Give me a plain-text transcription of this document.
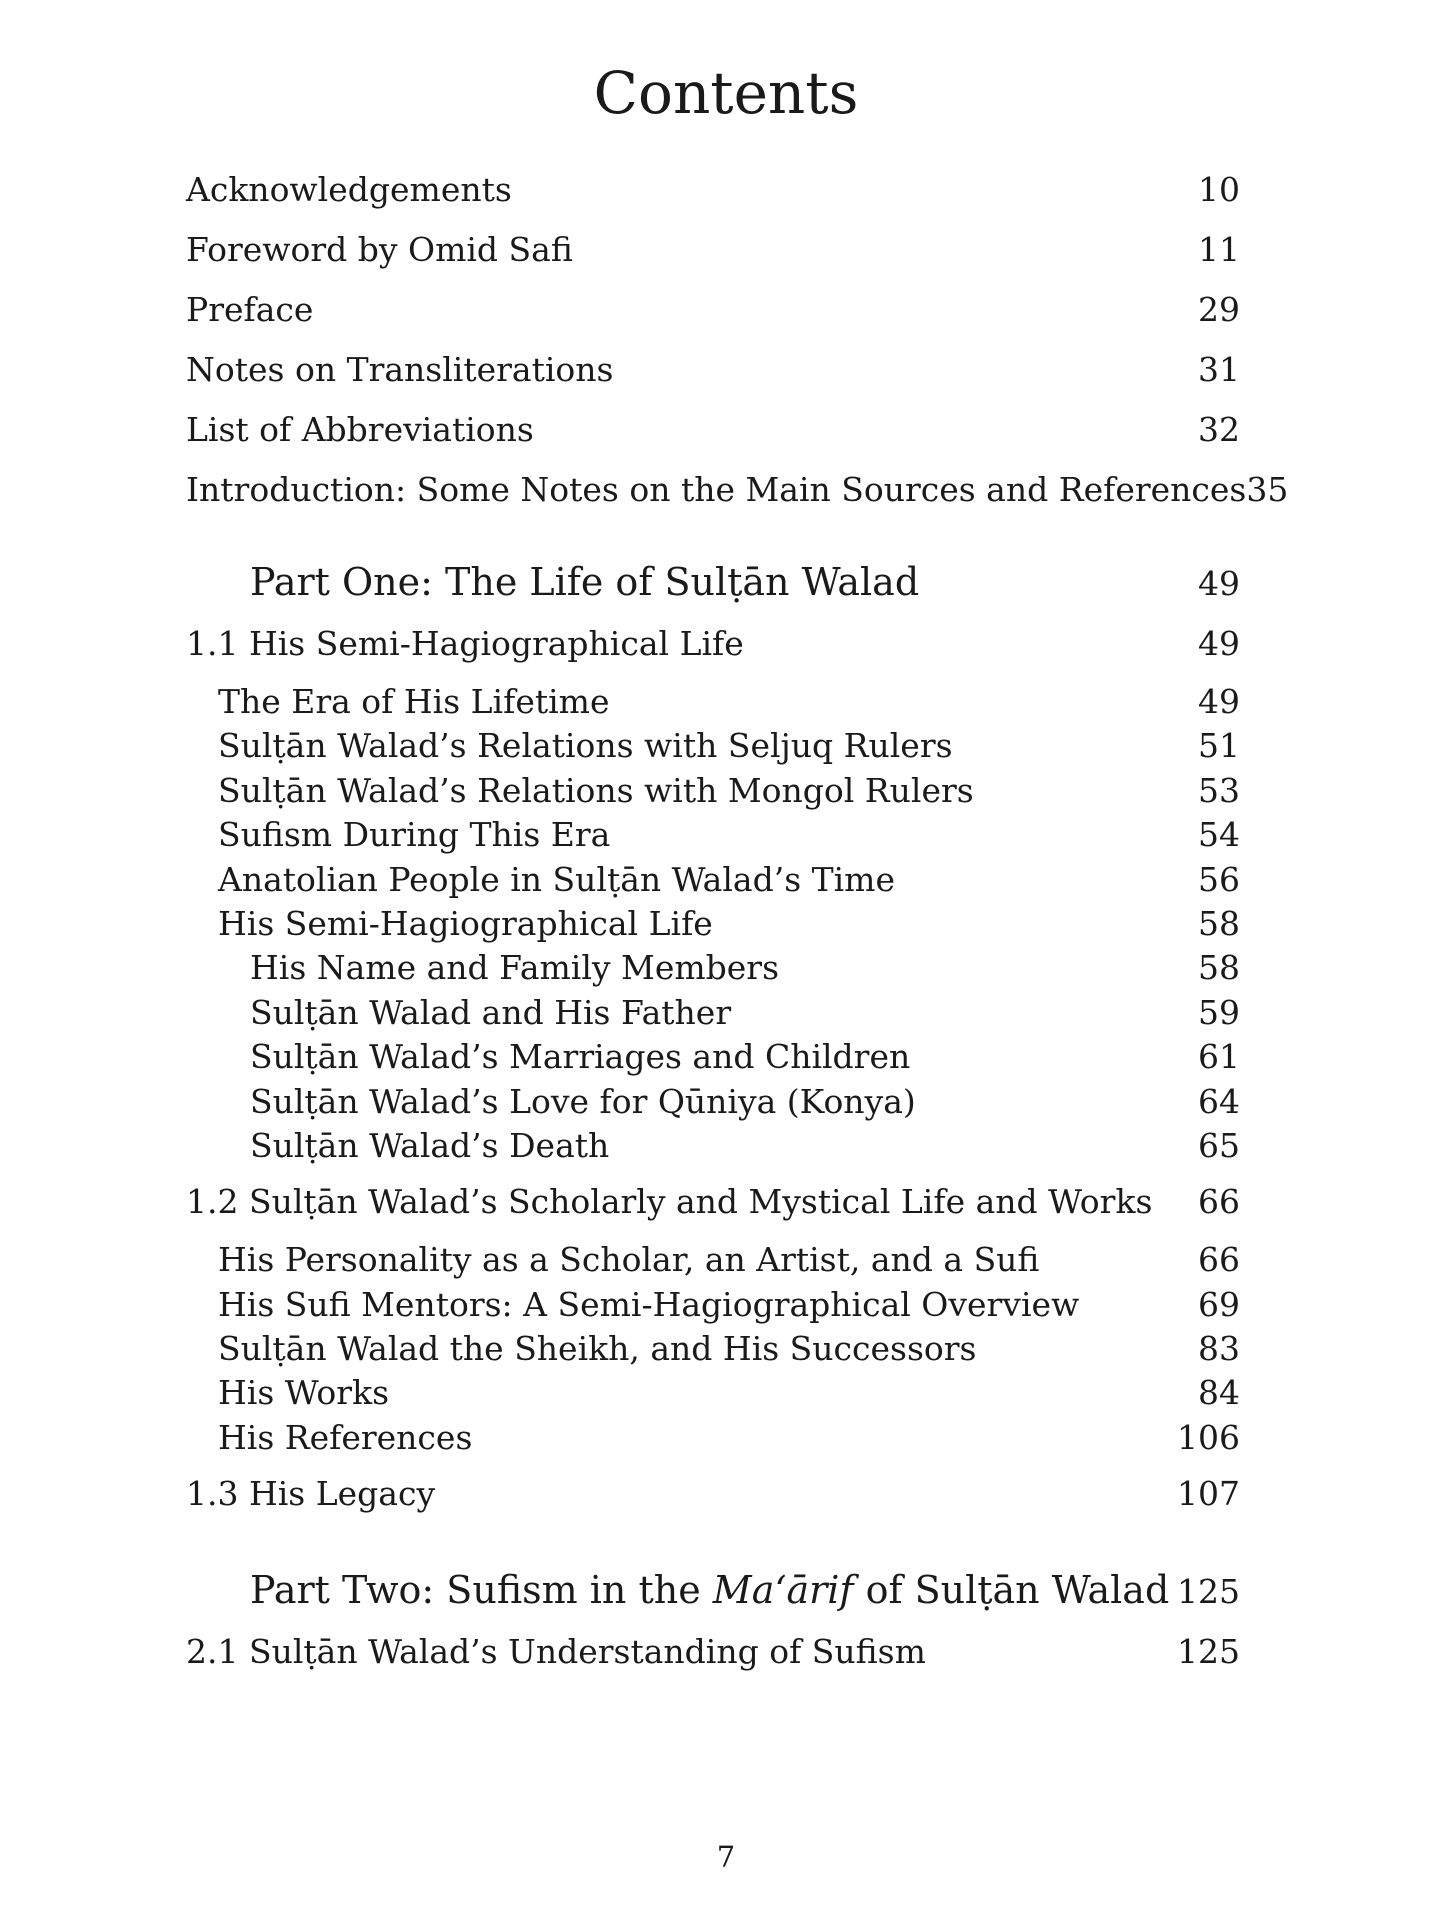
Contents
Acknowledgements	10
Foreword by Omid Safi	11
Preface	29
Notes on Transliterations	31
List of Abbreviations	32
Introduction: Some Notes on the Main Sources and References 35
Part One: The Life of Sulṭān Walad	49
1.1 His Semi-Hagiographical Life	49
The Era of His Lifetime	49
Sulṭān Walad’s Relations with Seljuq Rulers	51
Sulṭān Walad’s Relations with Mongol Rulers	53
Sufism During This Era	54
Anatolian People in Sulṭān Walad’s Time	56
His Semi-Hagiographical Life	58
His Name and Family Members	58
Sulṭān Walad and His Father	59
Sulṭān Walad’s Marriages and Children	61
Sulṭān Walad’s Love for Qūniya (Konya)	64
Sulṭān Walad’s Death	65
1.2 Sulṭān Walad’s Scholarly and Mystical Life and Works	66
His Personality as a Scholar, an Artist, and a Sufi	66
His Sufi Mentors: A Semi-Hagiographical Overview	69
Sulṭān Walad the Sheikh, and His Successors	83
His Works	84
His References	106
1.3 His Legacy	107
Part Two: Sufism in the Ma‘ārif of Sulṭān Walad 125
2.1 Sulṭān Walad’s Understanding of Sufism	125
7
